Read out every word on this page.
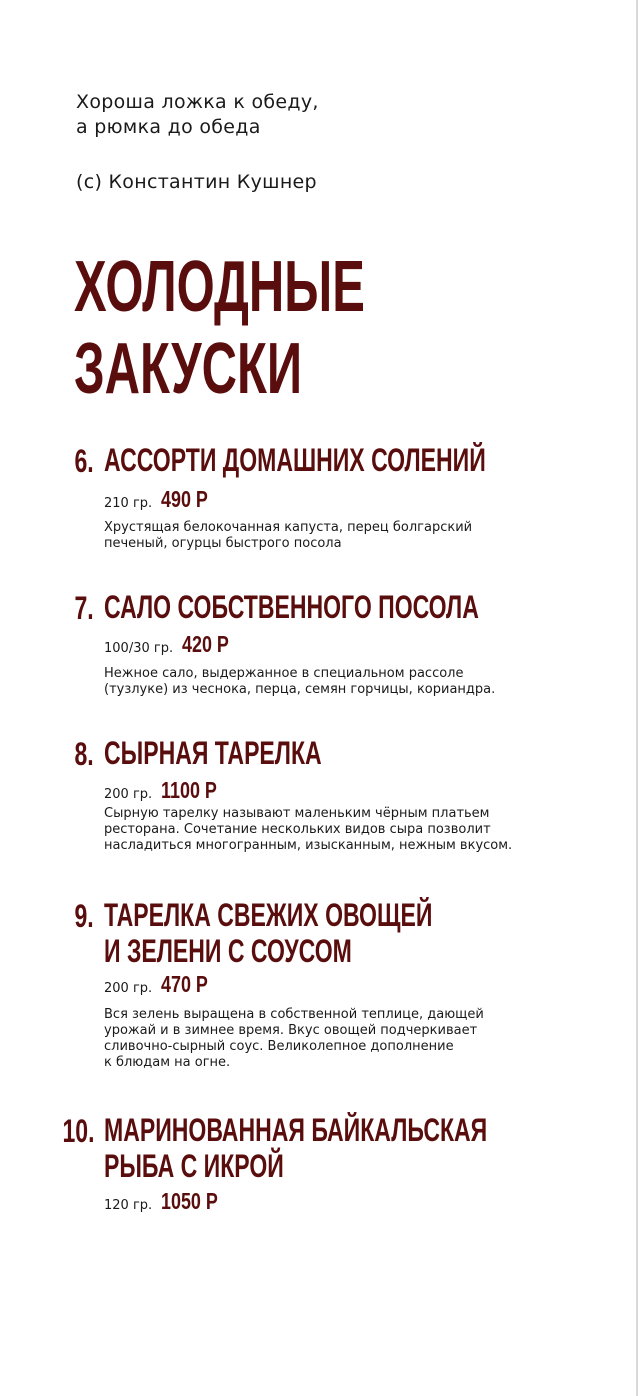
Хороша ложка к обеду,
а рюмка до обеда

(с) Константин Кушнер

ХОЛОДНЫЕ
ЗАКУСКИ
6. АССОРТИ ДОМАШНИХ СОЛЕНИЙ
210 гр. 490 Р

Хрустящая белокочанная капуста, перец болгарский
печеный, огурцы быстрого посола

7. САЛО СОБСТВЕННОГО ПОСОЛА
100/30 гр. 420 Р

Нежное сало, выдержанное в специальном рассоле
(тузлуке) из чеснока, перца, семян горчицы, кориандра.

8. СЫРНАЯ ТАРЕЛКА
200 гр. 1100 Р

Сырную тарелку называют маленьким чёрным платьем
ресторана. Сочетание нескольких видов сыра позволит
насладиться многогранным, изысканным, нежным вкусом.

9. ТАРЕЛКА СВЕЖИХ ОВОЩЕЙ
И ЗЕЛЕНИ С СОУСОМ
200 гр. 470 Р

Вся зелень выращена в собственной теплице, дающей
урожай и в зимнее время. Вкус овощей подчеркивает
сливочно-сырный соус. Великолепное дополнение
к блюдам на огне.

10. МАРИНОВАННАЯ БАЙКАЛЬСКАЯ
РЫБА С ИКРОЙ
120 гр. 1050 Р
